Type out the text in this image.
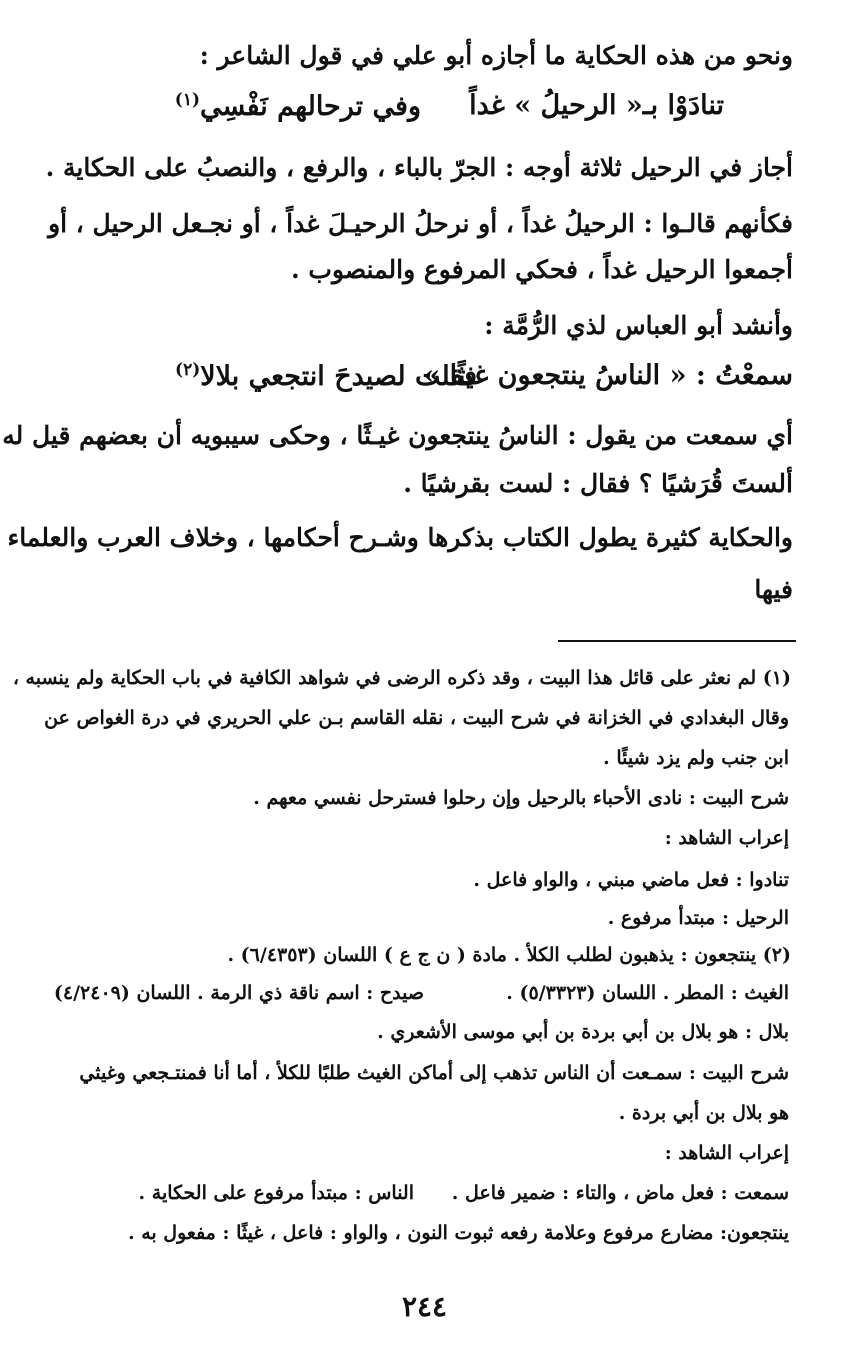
ونحو من هذه الحكاية ما أجازه أبو علي في قول الشاعر :
تنادَوْا بـ« الرحيلُ » غداً
وفي ترحالهم نَفْسِي$^{(١)}$
أجاز في الرحيل ثلاثة أوجه : الجرّ بالباء ، والرفع ، والنصبُ على الحكاية .
فكأنهم قالـوا : الرحيلُ غداً ، أو نرحلُ الرحيـلَ غداً ، أو نجـعل الرحيل ، أو
أجمعوا الرحيل غداً ، فحكي المرفوع والمنصوب .
وأنشد أبو العباس لذي الرُّمَّة :
سمعْتُ : « الناسُ ينتجعون غيثًا »
فقلت لصيدحَ انتجعي بلالا$^{(٢)}$
أي سمعت من يقول : الناسُ ينتجعون غيـثًا ، وحكى سيبويه أن بعضهم قيل له
ألستَ قُرَشيًا ؟ فقال : لست بقرشيًا .
والحكاية كثيرة يطول الكتاب بذكرها وشـرح أحكامها ، وخلاف العرب والعلماء
فيها
(١) لم نعثر على قائل هذا البيت ، وقد ذكره الرضى في شواهد الكافية في باب الحكاية ولم ينسبه ،
وقال البغدادي في الخزانة في شرح البيت ، نقله القاسم بـن علي الحريري في درة الغواص عن
ابن جنب ولم يزد شيئًا .
شرح البيت : نادى الأحباء بالرحيل وإن رحلوا فسترحل نفسي معهم .
إعراب الشاهد :
تنادوا : فعل ماضي مبني ، والواو فاعل .
الرحيل : مبتدأ مرفوع .
(٢) ينتجعون : يذهبون لطلب الكلأ . مادة ( ن ج ع ) اللسان (٦/٤٣٥٣) .
الغيث : المطر . اللسان (٥/٣٣٢٣) .
صيدح : اسم ناقة ذي الرمة . اللسان (٤/٢٤٠٩)
بلال : هو بلال بن أبي بردة بن أبي موسى الأشعري .
شرح البيت : سمـعت أن الناس تذهب إلى أماكن الغيث طلبًا للكلأ ، أما أنا فمنتـجعي وغيثي
هو بلال بن أبي بردة .
إعراب الشاهد :
سمعت : فعل ماض ، والتاء : ضمير فاعل .
الناس : مبتدأ مرفوع على الحكاية .
ينتجعون: مضارع مرفوع وعلامة رفعه ثبوت النون ، والواو : فاعل ، غيثًا : مفعول به .
٢٤٤
